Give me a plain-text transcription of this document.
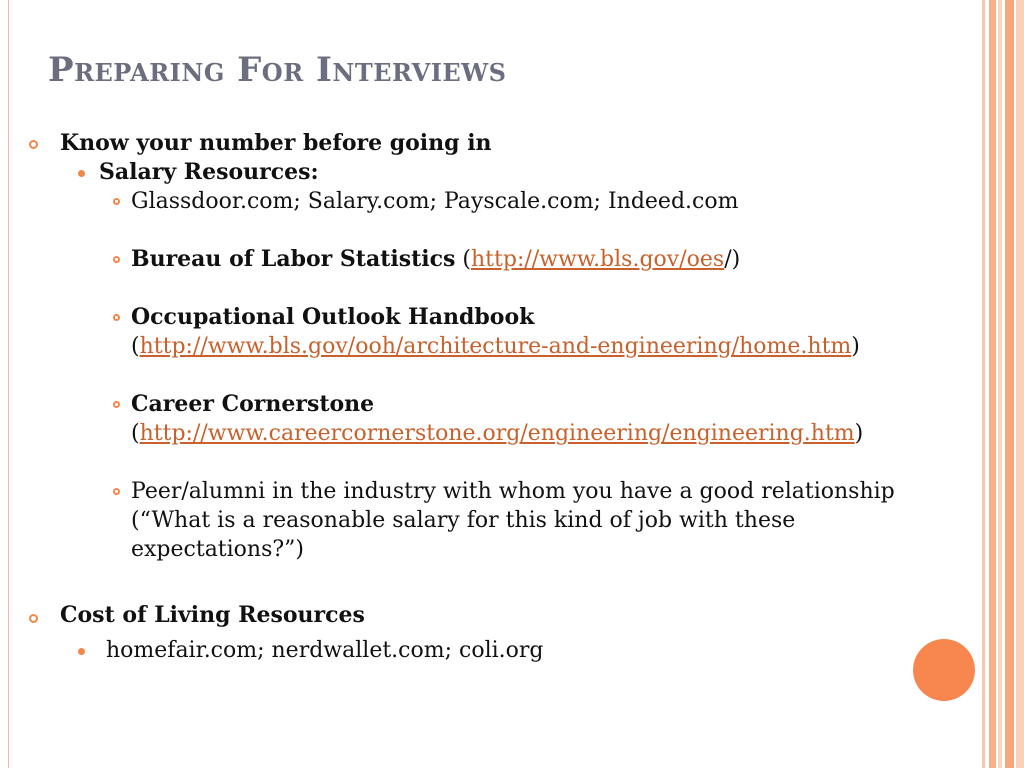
Preparing For Interviews
Know your number before going in
Salary Resources:
Glassdoor.com; Salary.com; Payscale.com; Indeed.com
Bureau of Labor Statistics (http://www.bls.gov/oes/)
Occupational Outlook Handbook
(http://www.bls.gov/ooh/architecture-and-engineering/home.htm)
Career Cornerstone
(http://www.careercornerstone.org/engineering/engineering.htm)
Peer/alumni in the industry with whom you have a good relationship
(“What is a reasonable salary for this kind of job with these
expectations?”)
Cost of Living Resources
homefair.com; nerdwallet.com; coli.org
